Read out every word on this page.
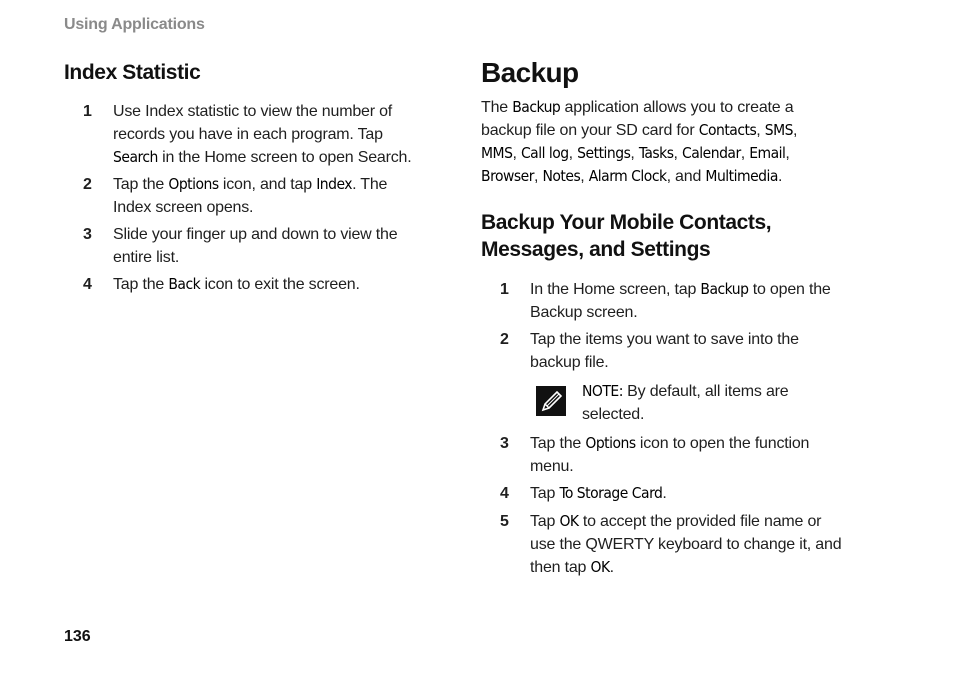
Using Applications
Index Statistic
1 Use Index statistic to view the number of
records you have in each program. Tap
Search in the Home screen to open Search.
2 Tap the Options icon, and tap Index. The
Index screen opens.
3 Slide your finger up and down to view the
entire list.
4 Tap the Back icon to exit the screen.
Backup
The Backup application allows you to create a
backup file on your SD card for Contacts, SMS,
MMS, Call log, Settings, Tasks, Calendar, Email,
Browser, Notes, Alarm Clock, and Multimedia.
Backup Your Mobile Contacts,
Messages, and Settings
1 In the Home screen, tap Backup to open the
Backup screen.
2 Tap the items you want to save into the
backup file.
NOTE: By default, all items are
selected.
3 Tap the Options icon to open the function
menu.
4 Tap To Storage Card.
5 Tap OK to accept the provided file name or
use the QWERTY keyboard to change it, and
then tap OK.
136
